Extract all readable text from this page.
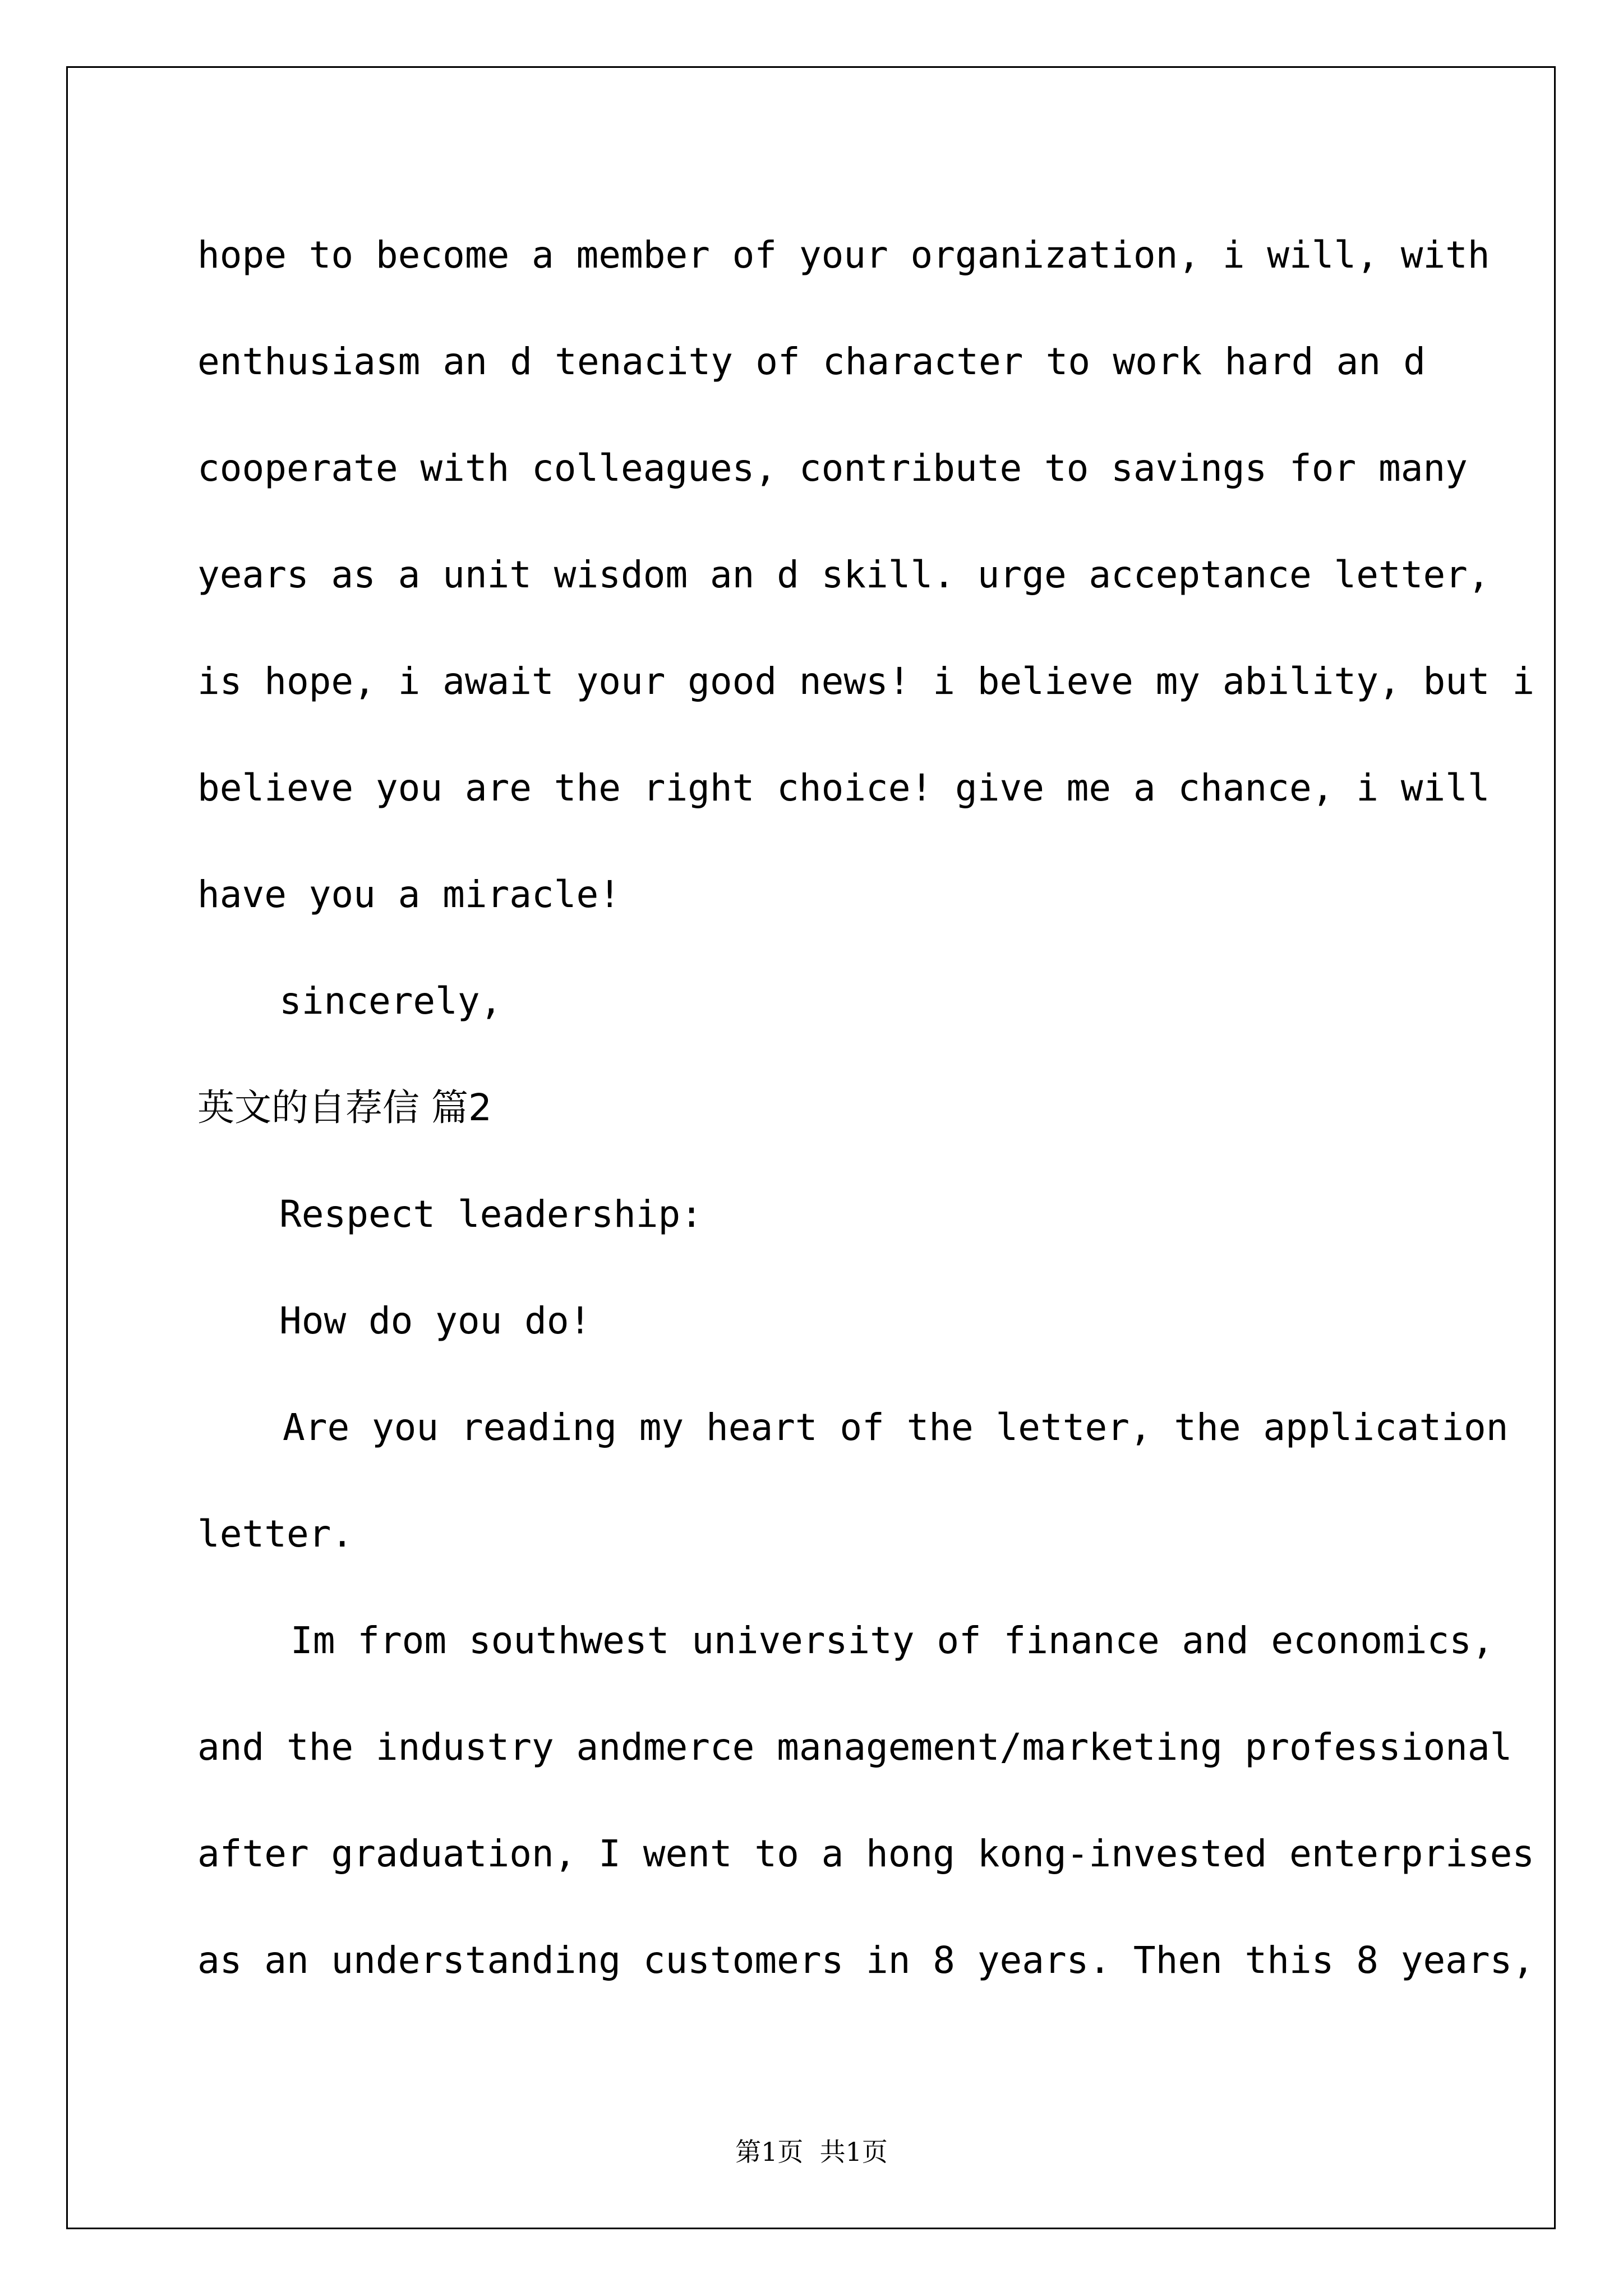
hope to become a member of your organization, i will, with
enthusiasm an d tenacity of character to work hard an d
cooperate with colleagues, contribute to savings for many
years as a unit wisdom an d skill. urge acceptance letter,
is hope, i await your good news! i believe my ability, but i
believe you are the right choice! give me a chance, i will
have you a miracle!
sincerely,
英文的自荐信 篇2
Respect leadership:
How do you do!
Are you reading my heart of the letter, the application
letter.
Im from southwest university of finance and economics,
and the industry andmerce management/marketing professional
after graduation, I went to a hong kong-invested enterprises
as an understanding customers in 8 years. Then this 8 years,
第1页  共1页
